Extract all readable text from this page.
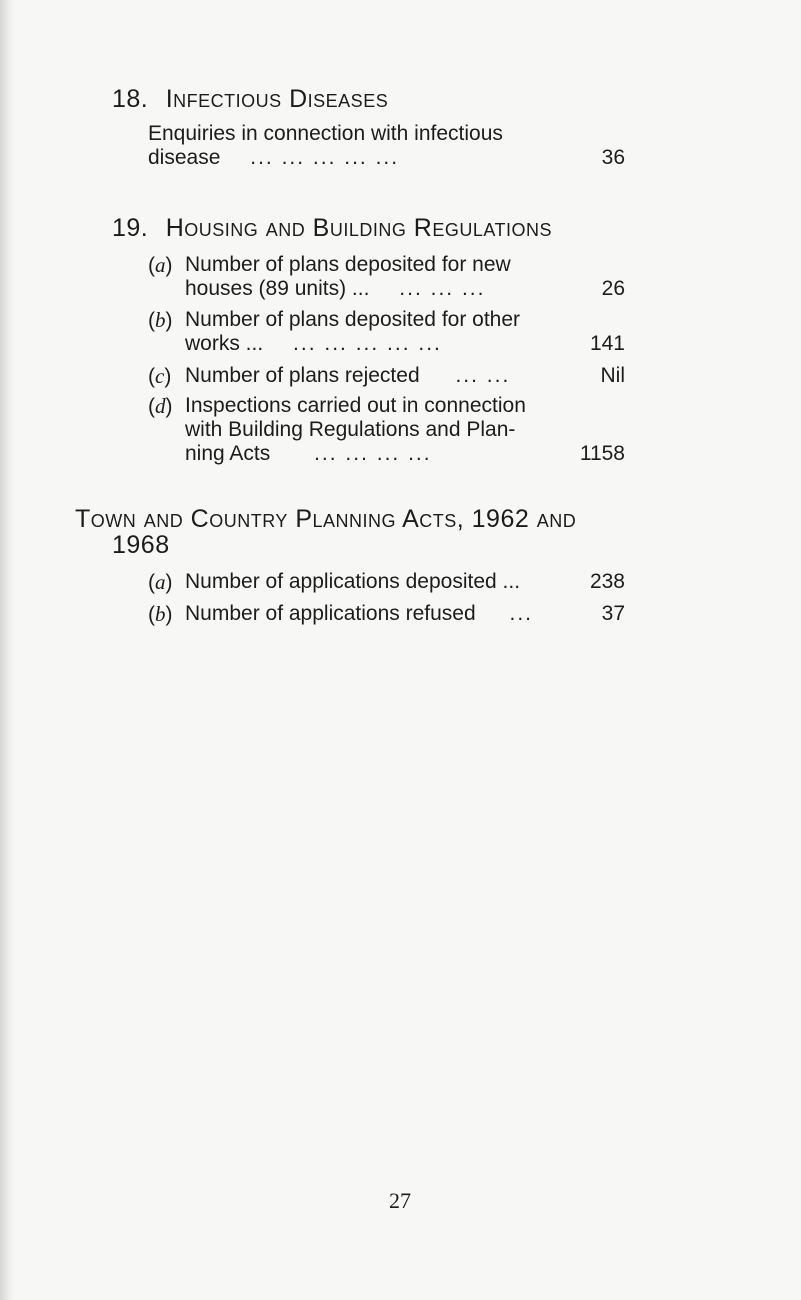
18. Infectious Diseases
Enquiries in connection with infectious
disease ... ... ... ... ...	36
19. Housing and Building Regulations
(a) Number of plans deposited for new
houses (89 units) ... ... ... ...	26
(b) Number of plans deposited for other
works ... ... ... ... ... ...	141
(c) Number of plans rejected ... ...	Nil
(d) Inspections carried out in connection
with Building Regulations and Plan-
ning Acts ... ... ... ...	1158
Town and Country Planning Acts, 1962 and
1968
(a) Number of applications deposited ...	238
(b) Number of applications refused ...	37
27
